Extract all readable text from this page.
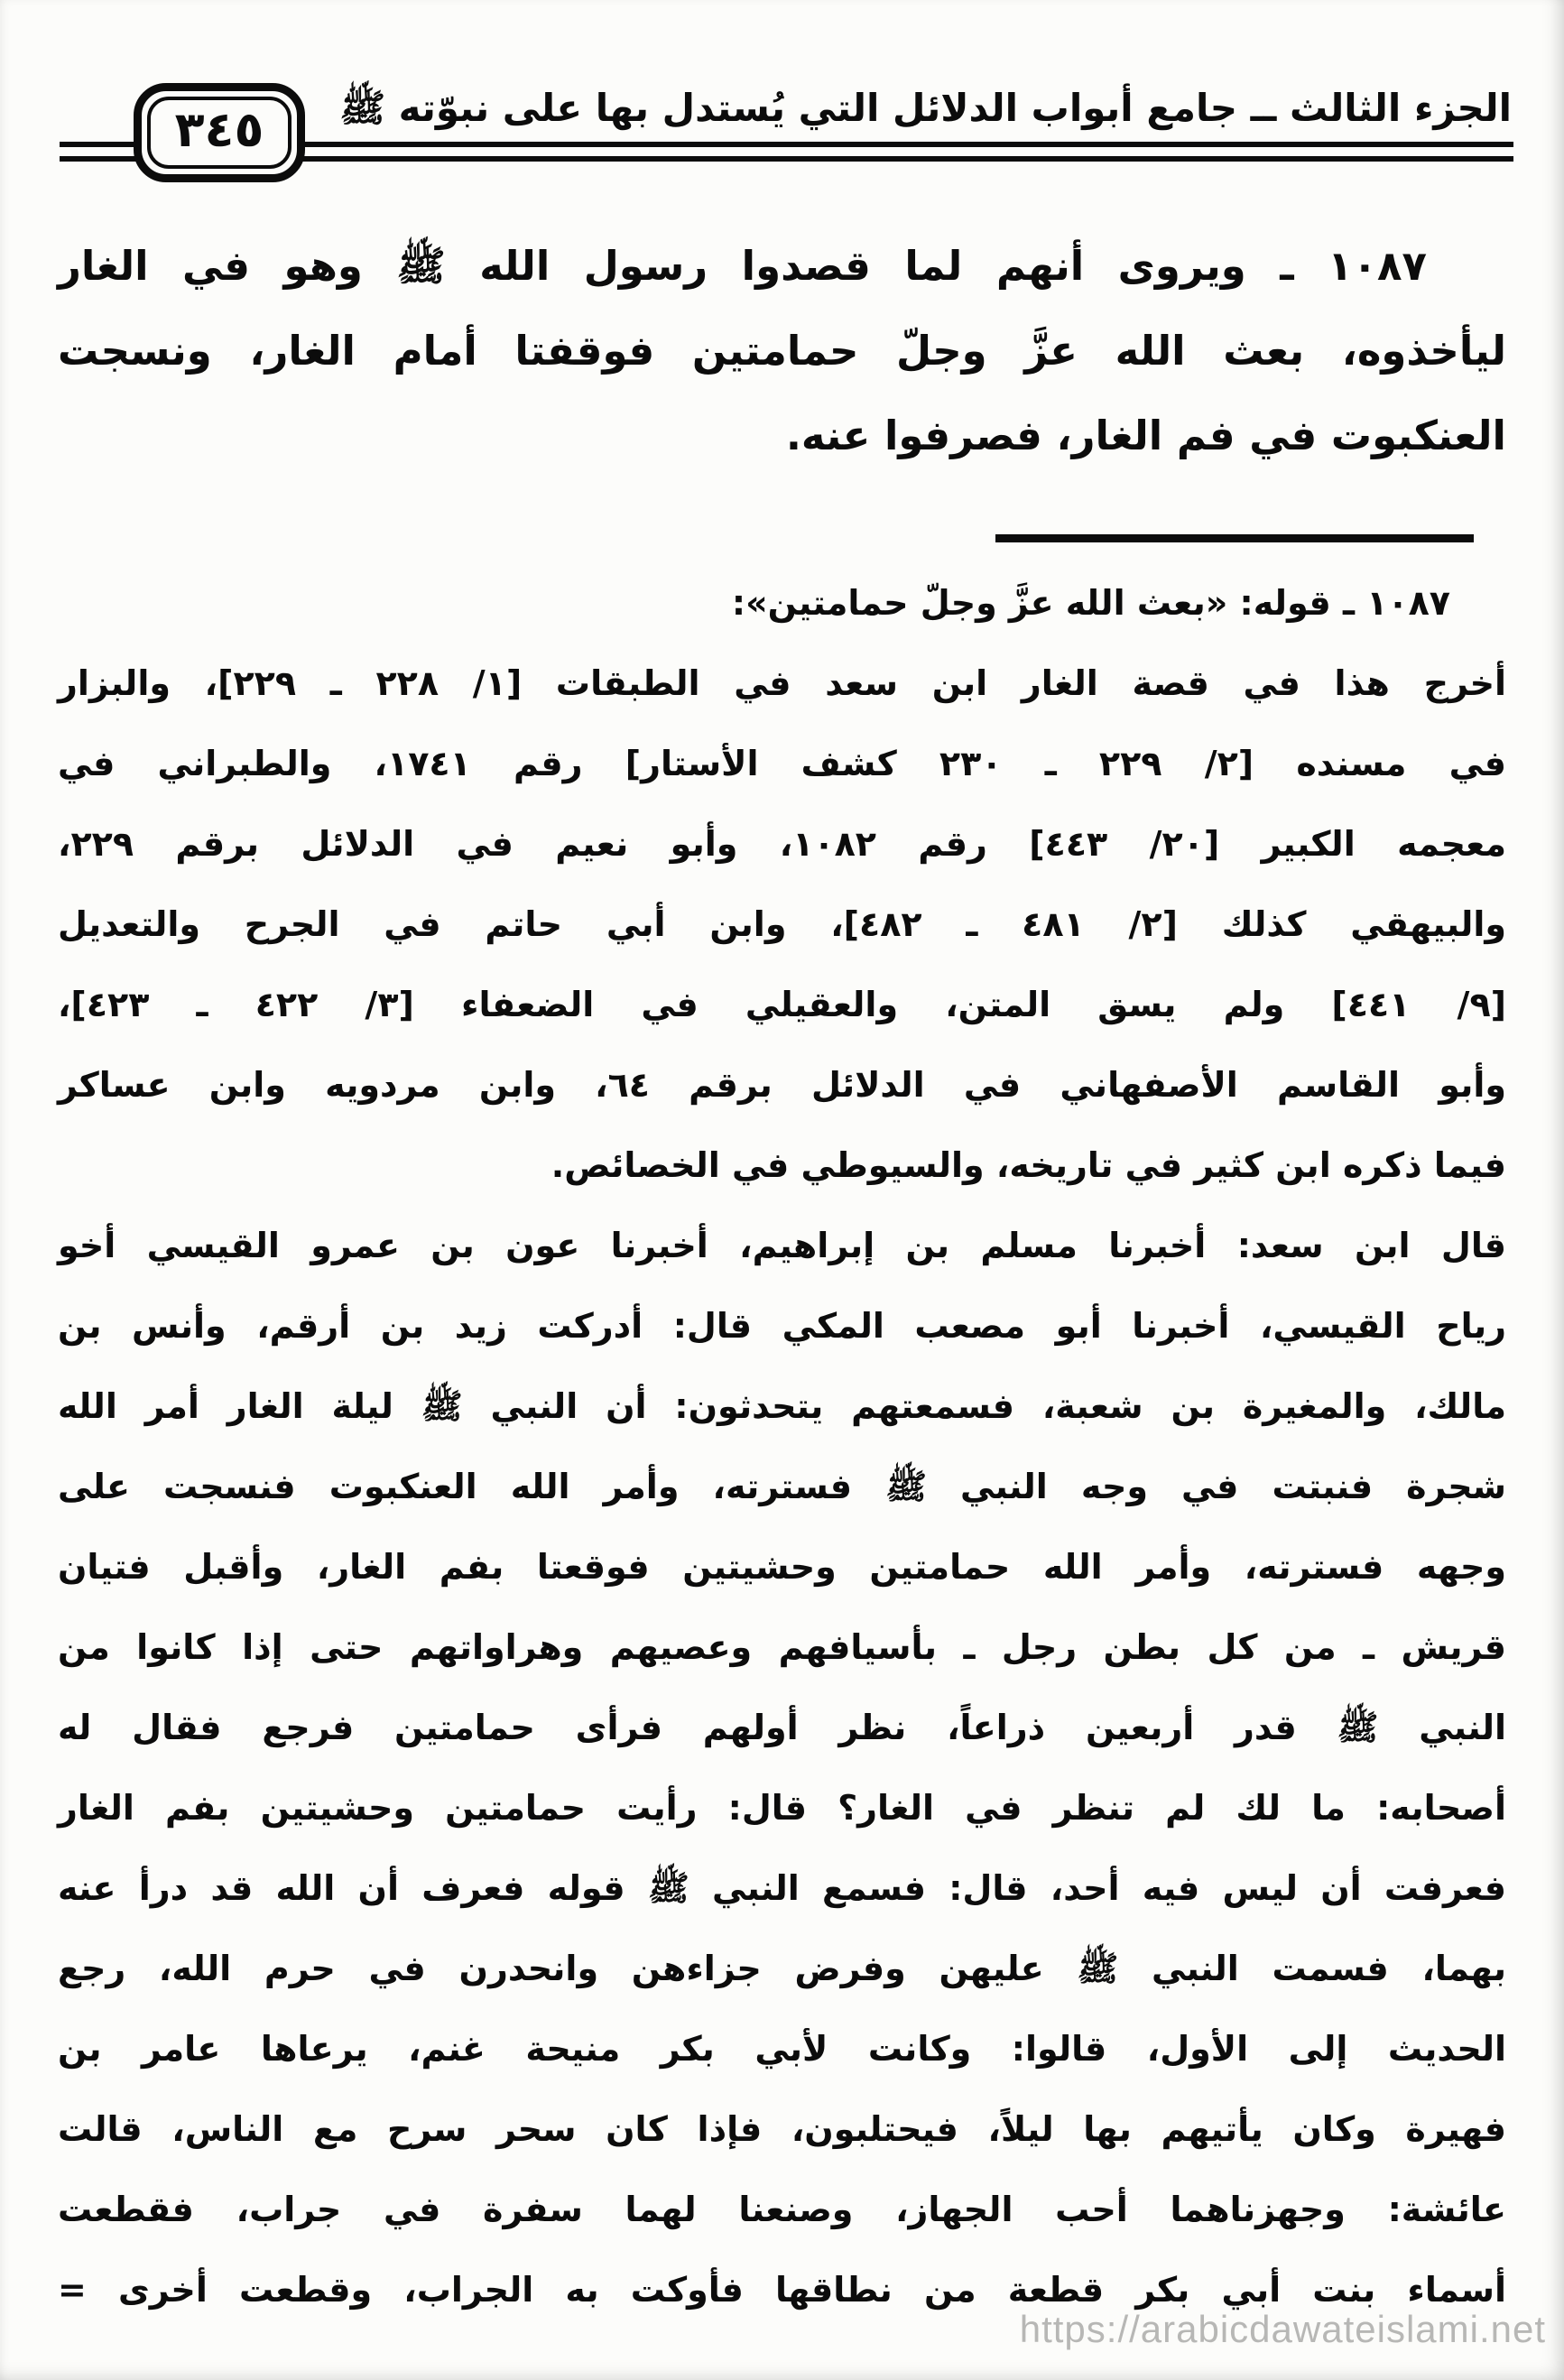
٣٤٥	الجزء الثالث ــ جامع أبواب الدلائل التي يُستدل بها على نبوّته ﷺ
١٠٨٧ ـ ويروى أنهم لما قصدوا رسول الله ﷺ وهو في الغار
ليأخذوه، بعث الله عزَّ وجلّ حمامتين فوقفتا أمام الغار، ونسجت
العنكبوت في فم الغار، فصرفوا عنه.
١٠٨٧ ـ قوله: «بعث الله عزَّ وجلّ حمامتين»:
أخرج هذا في قصة الغار ابن سعد في الطبقات [١/ ٢٢٨ ـ ٢٢٩]، والبزار
في مسنده [٢/ ٢٢٩ ـ ٢٣٠ كشف الأستار] رقم ١٧٤١، والطبراني في
معجمه الكبير [٢٠/ ٤٤٣] رقم ١٠٨٢، وأبو نعيم في الدلائل برقم ٢٢٩،
والبيهقي كذلك [٢/ ٤٨١ ـ ٤٨٢]، وابن أبي حاتم في الجرح والتعديل
[٩/ ٤٤١] ولم يسق المتن، والعقيلي في الضعفاء [٣/ ٤٢٢ ـ ٤٢٣]،
وأبو القاسم الأصفهاني في الدلائل برقم ٦٤، وابن مردويه وابن عساكر
فيما ذكره ابن كثير في تاريخه، والسيوطي في الخصائص.
قال ابن سعد: أخبرنا مسلم بن إبراهيم، أخبرنا عون بن عمرو القيسي أخو
رياح القيسي، أخبرنا أبو مصعب المكي قال: أدركت زيد بن أرقم، وأنس بن
مالك، والمغيرة بن شعبة، فسمعتهم يتحدثون: أن النبي ﷺ ليلة الغار أمر الله
شجرة فنبتت في وجه النبي ﷺ فسترته، وأمر الله العنكبوت فنسجت على
وجهه فسترته، وأمر الله حمامتين وحشيتين فوقعتا بفم الغار، وأقبل فتيان
قريش ـ من كل بطن رجل ـ بأسيافهم وعصيهم وهراواتهم حتى إذا كانوا من
النبي ﷺ قدر أربعين ذراعاً، نظر أولهم فرأى حمامتين فرجع فقال له
أصحابه: ما لك لم تنظر في الغار؟ قال: رأيت حمامتين وحشيتين بفم الغار
فعرفت أن ليس فيه أحد، قال: فسمع النبي ﷺ قوله فعرف أن الله قد درأ عنه
بهما، فسمت النبي ﷺ عليهن وفرض جزاءهن وانحدرن في حرم الله، رجع
الحديث إلى الأول، قالوا: وكانت لأبي بكر منيحة غنم، يرعاها عامر بن
فهيرة وكان يأتيهم بها ليلاً، فيحتلبون، فإذا كان سحر سرح مع الناس، قالت
عائشة: وجهزناهما أحب الجهاز، وصنعنا لهما سفرة في جراب، فقطعت
أسماء بنت أبي بكر قطعة من نطاقها فأوكت به الجراب، وقطعت أخرى =
https://arabicdawateislami.net
